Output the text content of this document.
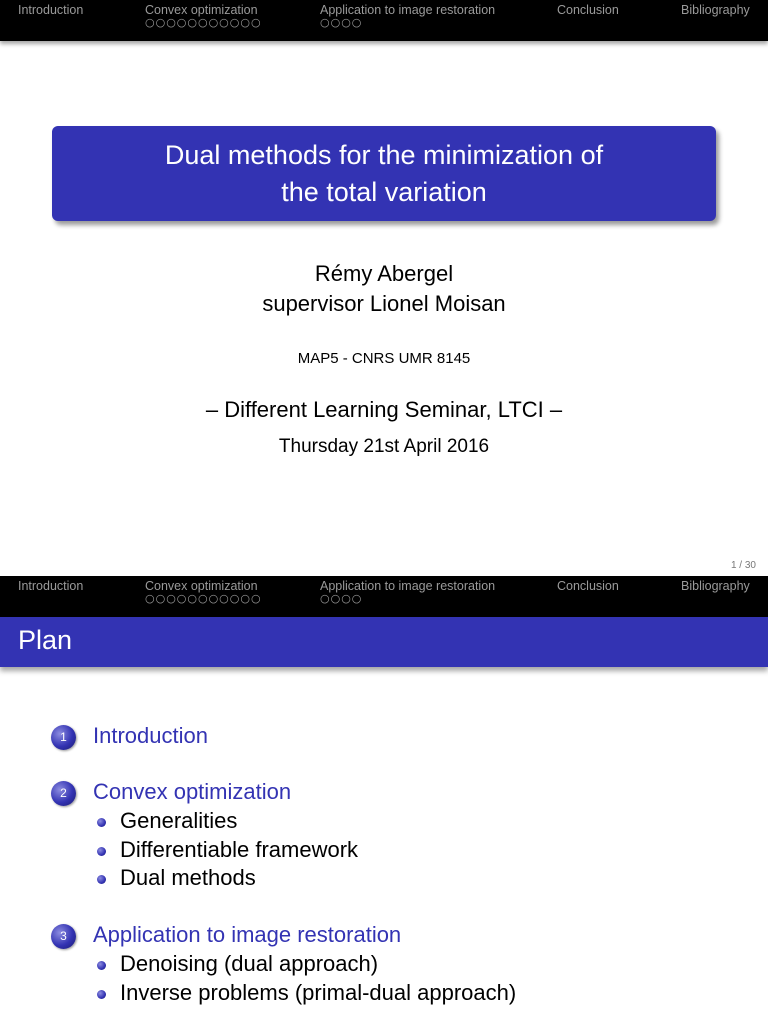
Introduction	Convex optimization
○○○○○○○○○○○
Application to image restoration
○○○○
Conclusion	Bibliography
Dual methods for the minimization of
the total variation
Rémy Abergel
supervisor Lionel Moisan
MAP5 - CNRS UMR 8145
– Different Learning Seminar, LTCI –
Thursday 21st April 2016
1 / 30
Introduction	Convex optimization
○○○○○○○○○○○
Application to image restoration
○○○○
Conclusion	Bibliography
Plan
1	Introduction
2	Convex optimization
Generalities
Differentiable framework
Dual methods
3	Application to image restoration
Denoising (dual approach)
Inverse problems (primal-dual approach)
